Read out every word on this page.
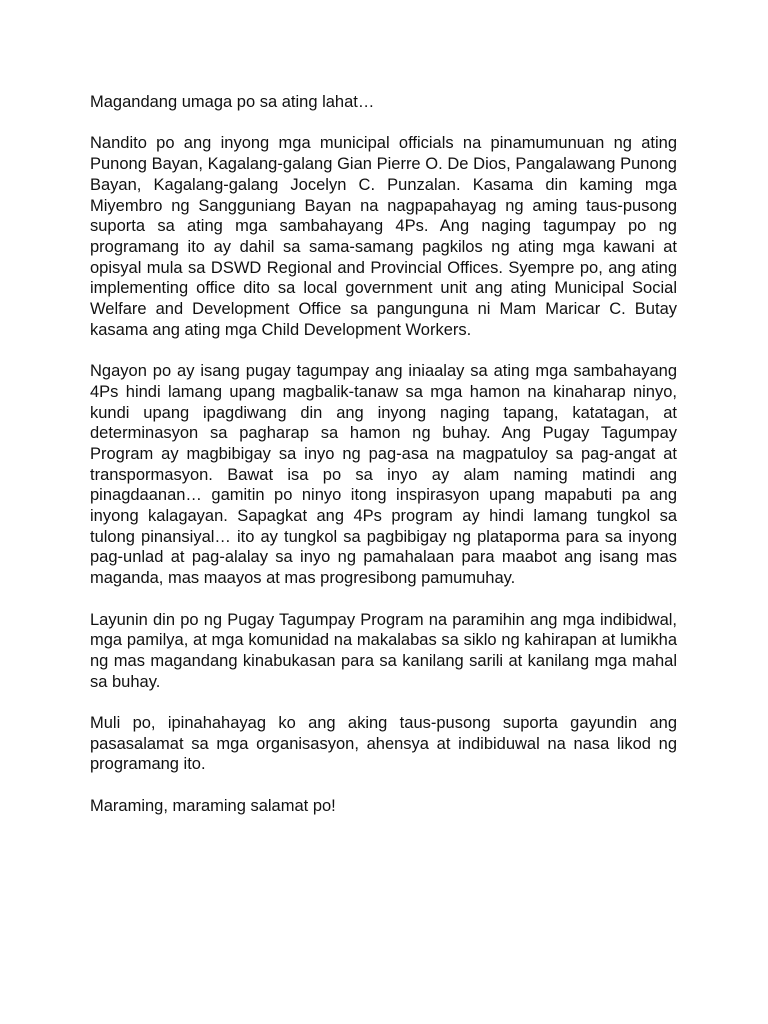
Magandang umaga po sa ating lahat…

Nandito po ang inyong mga municipal officials na pinamumunuan ng ating Punong Bayan, Kagalang-galang Gian Pierre O. De Dios, Pangalawang Punong Bayan, Kagalang-galang Jocelyn C. Punzalan. Kasama din kaming mga Miyembro ng Sangguniang Bayan na nagpapahayag ng aming taus-pusong suporta sa ating mga sambahayang 4Ps. Ang naging tagumpay po ng programang ito ay dahil sa sama-samang pagkilos ng ating mga kawani at opisyal mula sa DSWD Regional and Provincial Offices. Syempre po, ang ating implementing office dito sa local government unit ang ating Municipal Social Welfare and Development Office sa pangunguna ni Mam Maricar C. Butay kasama ang ating mga Child Development Workers.

Ngayon po ay isang pugay tagumpay ang iniaalay sa ating mga sambahayang 4Ps hindi lamang upang magbalik-tanaw sa mga hamon na kinaharap ninyo, kundi upang ipagdiwang din ang inyong naging tapang, katatagan, at determinasyon sa pagharap sa hamon ng buhay. Ang Pugay Tagumpay Program ay magbibigay sa inyo ng pag-asa na magpatuloy sa pag-angat at transpormasyon. Bawat isa po sa inyo ay alam naming matindi ang pinagdaanan… gamitin po ninyo itong inspirasyon upang mapabuti pa ang inyong kalagayan. Sapagkat ang 4Ps program ay hindi lamang tungkol sa tulong pinansiyal… ito ay tungkol sa pagbibigay ng plataporma para sa inyong pag-unlad at pag-alalay sa inyo ng pamahalaan para maabot ang isang mas maganda, mas maayos at mas progresibong pamumuhay.

Layunin din po ng Pugay Tagumpay Program na paramihin ang mga indibidwal, mga pamilya, at mga komunidad na makalabas sa siklo ng kahirapan at lumikha ng mas magandang kinabukasan para sa kanilang sarili at kanilang mga mahal sa buhay.

Muli po, ipinahahayag ko ang aking taus-pusong suporta gayundin ang pasasalamat sa mga organisasyon, ahensya at indibiduwal na nasa likod ng programang ito.

Maraming, maraming salamat po!
